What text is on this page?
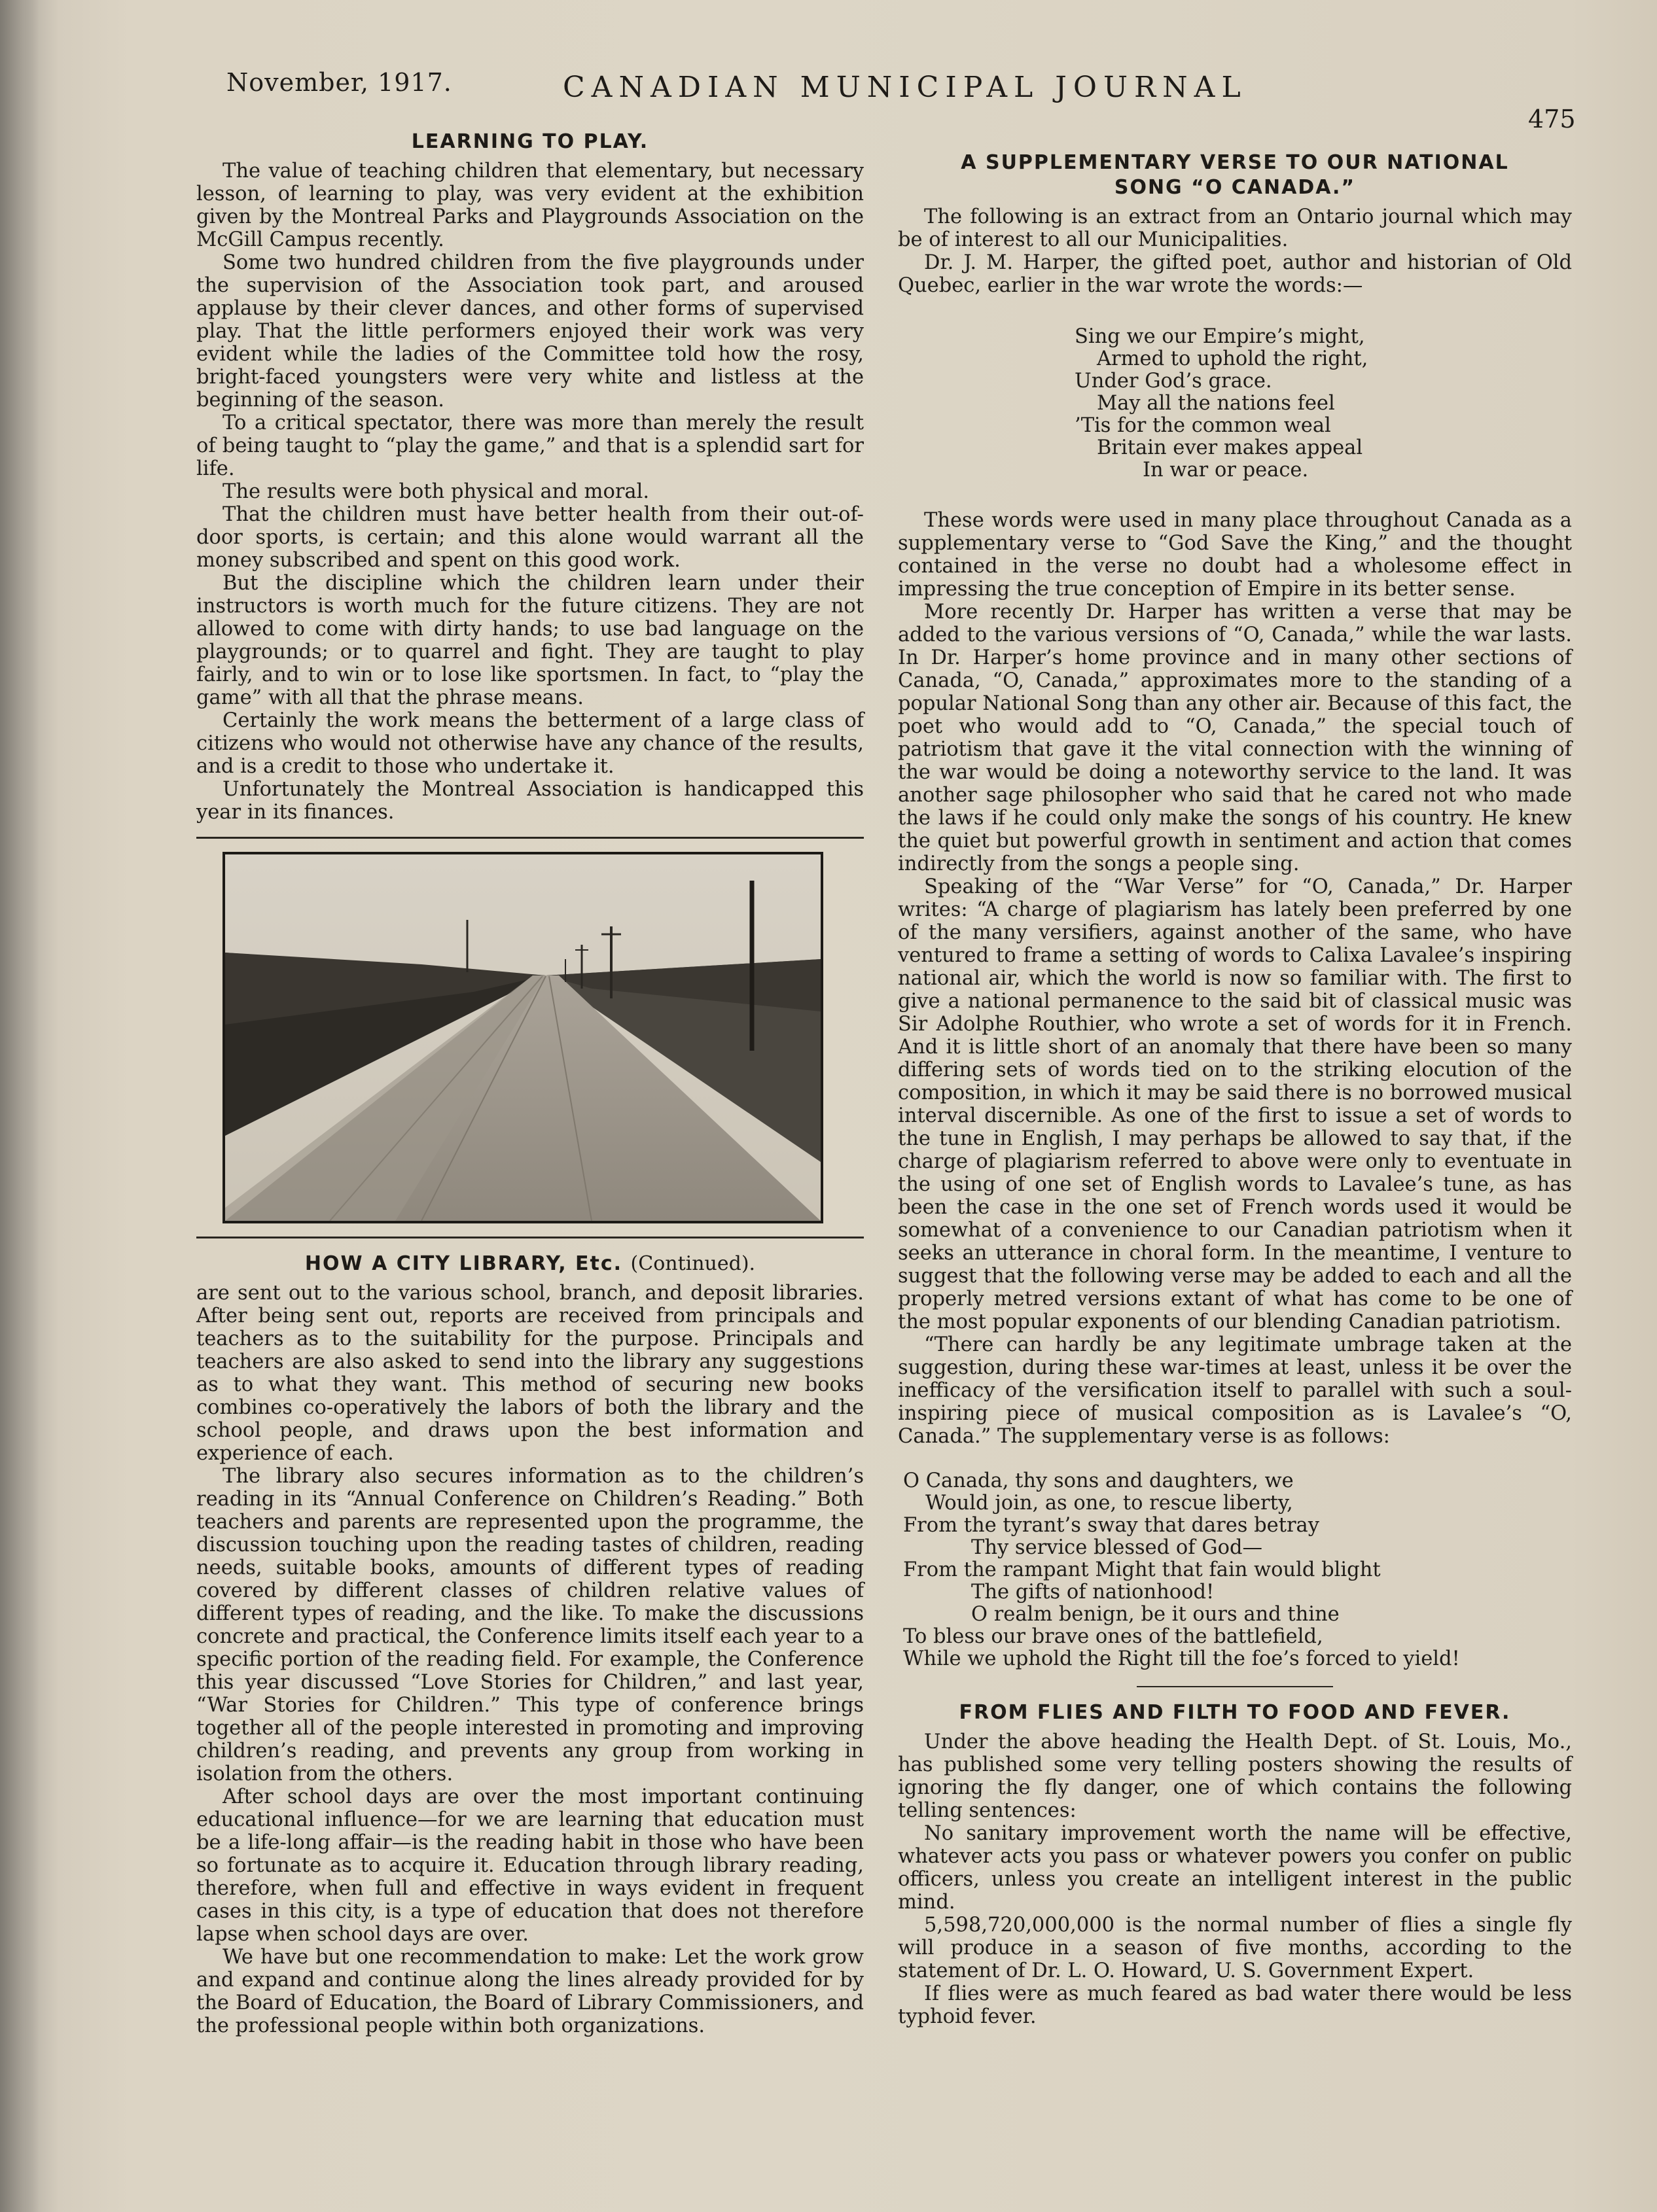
November, 1917.	CANADIAN MUNICIPAL JOURNAL
475
LEARNING TO PLAY.

The value of teaching children that elementary, but necessary lesson, of learning to play, was very evident at the exhibition given by the Montreal Parks and Playgrounds Association on the McGill Campus recently.

Some two hundred children from the five playgrounds under the supervision of the Association took part, and aroused applause by their clever dances, and other forms of supervised play. That the little performers enjoyed their work was very evident while the ladies of the Committee told how the rosy, bright-faced youngsters were very white and listless at the beginning of the season.

To a critical spectator, there was more than merely the result of being taught to “play the game,” and that is a splendid sart for life.

The results were both physical and moral.

That the children must have better health from their out-of- door sports, is certain; and this alone would warrant all the money subscribed and spent on this good work.

But the discipline which the children learn under their instructors is worth much for the future citizens. They are not allowed to come with dirty hands; to use bad language on the playgrounds; or to quarrel and fight. They are taught to play fairly, and to win or to lose like sportsmen. In fact, to “play the game” with all that the phrase means.

Certainly the work means the betterment of a large class of citizens who would not otherwise have any chance of the results, and is a credit to those who undertake it.

Unfortunately the Montreal Association is handicapped this year in its finances.

HOW A CITY LIBRARY, Etc. (Continued).

are sent out to the various school, branch, and deposit libraries. After being sent out, reports are received from principals and teachers as to the suitability for the purpose. Principals and teachers are also asked to send into the library any suggestions as to what they want. This method of securing new books combines co-operatively the labors of both the library and the school people, and draws upon the best information and experience of each.

The library also secures information as to the children’s reading in its “Annual Conference on Children’s Reading.” Both teachers and parents are represented upon the programme, the discussion touching upon the reading tastes of children, reading needs, suitable books, amounts of different types of reading covered by different classes of children relative values of different types of reading, and the like. To make the discussions concrete and practical, the Conference limits itself each year to a specific portion of the reading field. For example, the Conference this year discussed “Love Stories for Children,” and last year, “War Stories for Children.” This type of conference brings together all of the people interested in promoting and improving children’s reading, and prevents any group from working in isolation from the others.

After school days are over the most important continuing educational influence—for we are learning that education must be a life-long affair—is the reading habit in those who have been so fortunate as to acquire it. Education through library reading, therefore, when full and effective in ways evident in frequent cases in this city, is a type of education that does not therefore lapse when school days are over.

We have but one recommendation to make: Let the work grow and expand and continue along the lines already provided for by the Board of Education, the Board of Library Commissioners, and the professional people within both organizations.

A SUPPLEMENTARY VERSE TO OUR NATIONAL
SONG “O CANADA.”

The following is an extract from an Ontario journal which may be of interest to all our Municipalities.

Dr. J. M. Harper, the gifted poet, author and historian of Old Quebec, earlier in the war wrote the words:—

Sing we our Empire’s might,
Armed to uphold the right,
Under God’s grace.
May all the nations feel
’Tis for the common weal
Britain ever makes appeal
In war or peace.

These words were used in many place throughout Canada as a supplementary verse to “God Save the King,” and the thought contained in the verse no doubt had a wholesome effect in impressing the true conception of Empire in its better sense.

More recently Dr. Harper has written a verse that may be added to the various versions of “O, Canada,” while the war lasts. In Dr. Harper’s home province and in many other sections of Canada, “O, Canada,” approximates more to the standing of a popular National Song than any other air. Because of this fact, the poet who would add to “O, Canada,” the special touch of patriotism that gave it the vital connection with the winning of the war would be doing a noteworthy service to the land. It was another sage philosopher who said that he cared not who made the laws if he could only make the songs of his country. He knew the quiet but powerful growth in sentiment and action that comes indirectly from the songs a people sing.

Speaking of the “War Verse” for “O, Canada,” Dr. Harper writes: “A charge of plagiarism has lately been preferred by one of the many versifiers, against another of the same, who have ventured to frame a setting of words to Calixa Lavalee’s inspiring national air, which the world is now so familiar with. The first to give a national permanence to the said bit of classical music was Sir Adolphe Routhier, who wrote a set of words for it in French. And it is little short of an anomaly that there have been so many differing sets of words tied on to the striking elocution of the composition, in which it may be said there is no borrowed musical interval discernible. As one of the first to issue a set of words to the tune in English, I may perhaps be allowed to say that, if the charge of plagiarism referred to above were only to eventuate in the using of one set of English words to Lavalee’s tune, as has been the case in the one set of French words used it would be somewhat of a convenience to our Canadian patriotism when it seeks an utterance in choral form. In the meantime, I venture to suggest that the following verse may be added to each and all the properly metred versions extant of what has come to be one of the most popular exponents of our blending Canadian patriotism.

“There can hardly be any legitimate umbrage taken at the suggestion, during these war-times at least, unless it be over the inefficacy of the versification itself to parallel with such a soul-inspiring piece of musical composition as is Lavalee’s “O, Canada.” The supplementary verse is as follows:

O Canada, thy sons and daughters, we
Would join, as one, to rescue liberty,
From the tyrant’s sway that dares betray
Thy service blessed of God—
From the rampant Might that fain would blight
The gifts of nationhood!
O realm benign, be it ours and thine
To bless our brave ones of the battlefield,
While we uphold the Right till the foe’s forced to yield!
FROM FLIES AND FILTH TO FOOD AND FEVER.

Under the above heading the Health Dept. of St. Louis, Mo., has published some very telling posters showing the results of ignoring the fly danger, one of which contains the following telling sentences:

No sanitary improvement worth the name will be effective, whatever acts you pass or whatever powers you confer on public officers, unless you create an intelligent interest in the public mind.

5,598,720,000,000 is the normal number of flies a single fly will produce in a season of five months, according to the statement of Dr. L. O. Howard, U. S. Government Expert.

If flies were as much feared as bad water there would be less typhoid fever.
